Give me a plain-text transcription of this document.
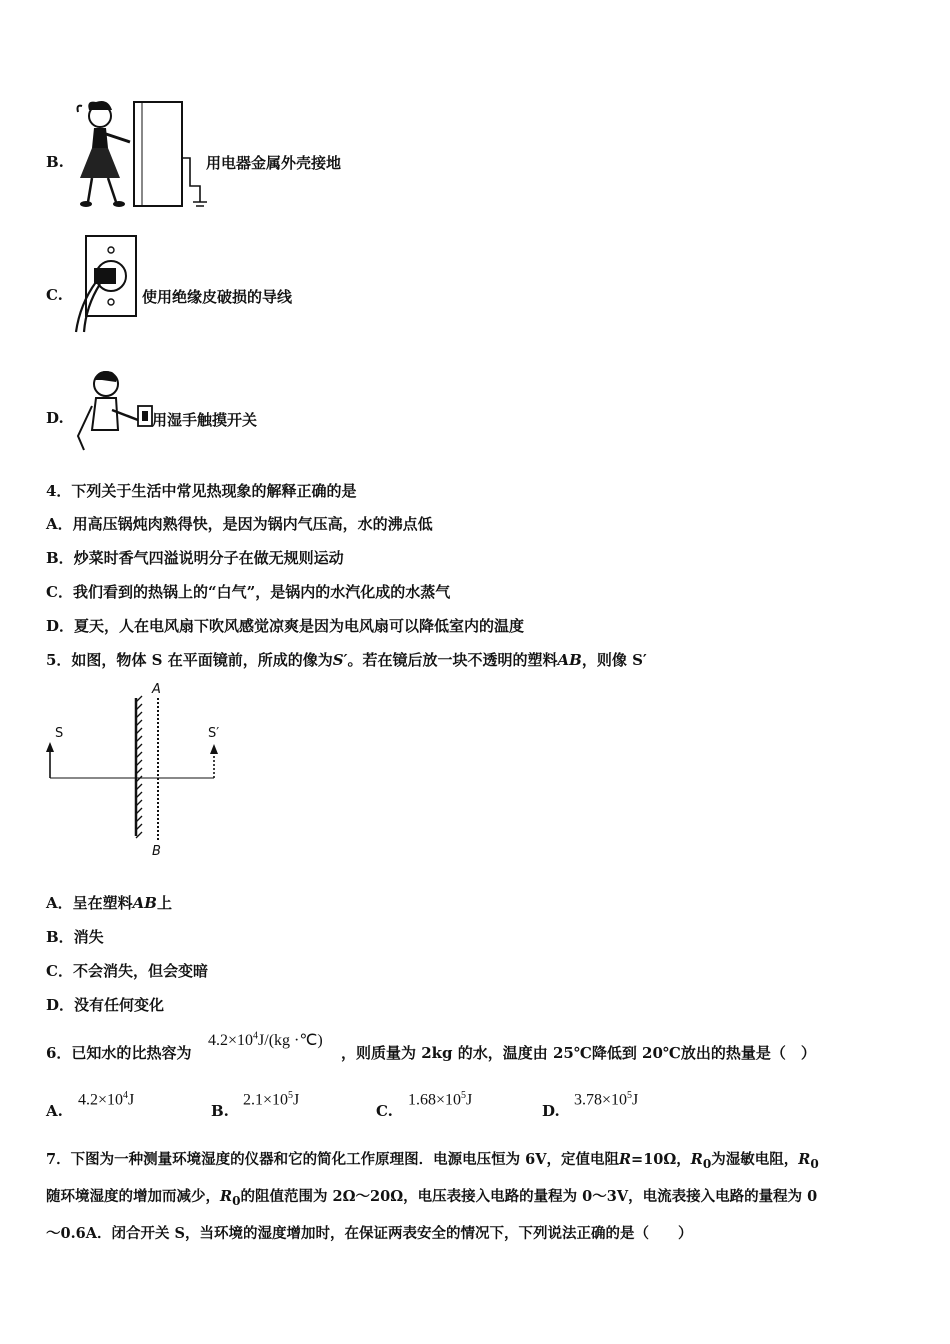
B.	用电器金属外壳接地
C.	使用绝缘皮破损的导线
D.	用湿手触摸开关
4．下列关于生活中常见热现象的解释正确的是
A．用高压锅炖肉熟得快，是因为锅内气压高，水的沸点低
B．炒菜时香气四溢说明分子在做无规则运动
C．我们看到的热锅上的“白气”，是锅内的水汽化成的水蒸气
D．夏天，人在电风扇下吹风感觉凉爽是因为电风扇可以降低室内的温度
5．如图，物体 S 在平面镜前，所成的像为S′。若在镜后放一块不透明的塑料AB，则像 S′
A
B
S	S′
A．呈在塑料AB上
B．消失
C．不会消失，但会变暗
D．没有任何变化
6．已知水的比热容为
$4.2\times 10^4J/(kg$ ·℃)
，则质量为 2kg 的水，温度由 25℃降低到 20℃放出的热量是（　）
A.
$4.2\times 10^4J$
B.
$2.1\times 10^5J$
C.
$1.68\times 10^5J$
D.
$3.78\times 10^5J$
7．下图为一种测量环境湿度的仪器和它的简化工作原理图．电源电压恒为 6V，定值电阻R=10Ω，$R_0$为湿敏电阻，$R_0$
随环境湿度的增加而减少，$R_0$的阻值范围为 2Ω～20Ω，电压表接入电路的量程为 0～3V，电流表接入电路的量程为 0
～0.6A．闭合开关 S，当环境的湿度增加时，在保证两表安全的情况下，下列说法正确的是（　　）
